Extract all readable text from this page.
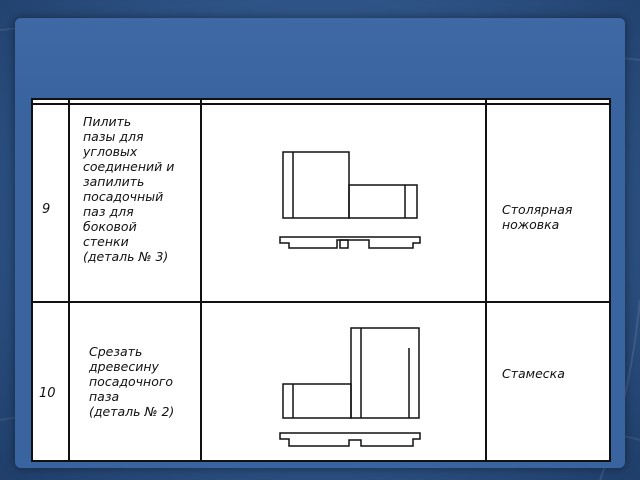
9
Пилить
пазы для
угловых
соединений и
запилить
посадочный
паз для
боковой
стенки
(деталь № 3)
Столярная
ножовка
10
Срезать
древесину
посадочного
паза
(деталь № 2)
Стамеска
